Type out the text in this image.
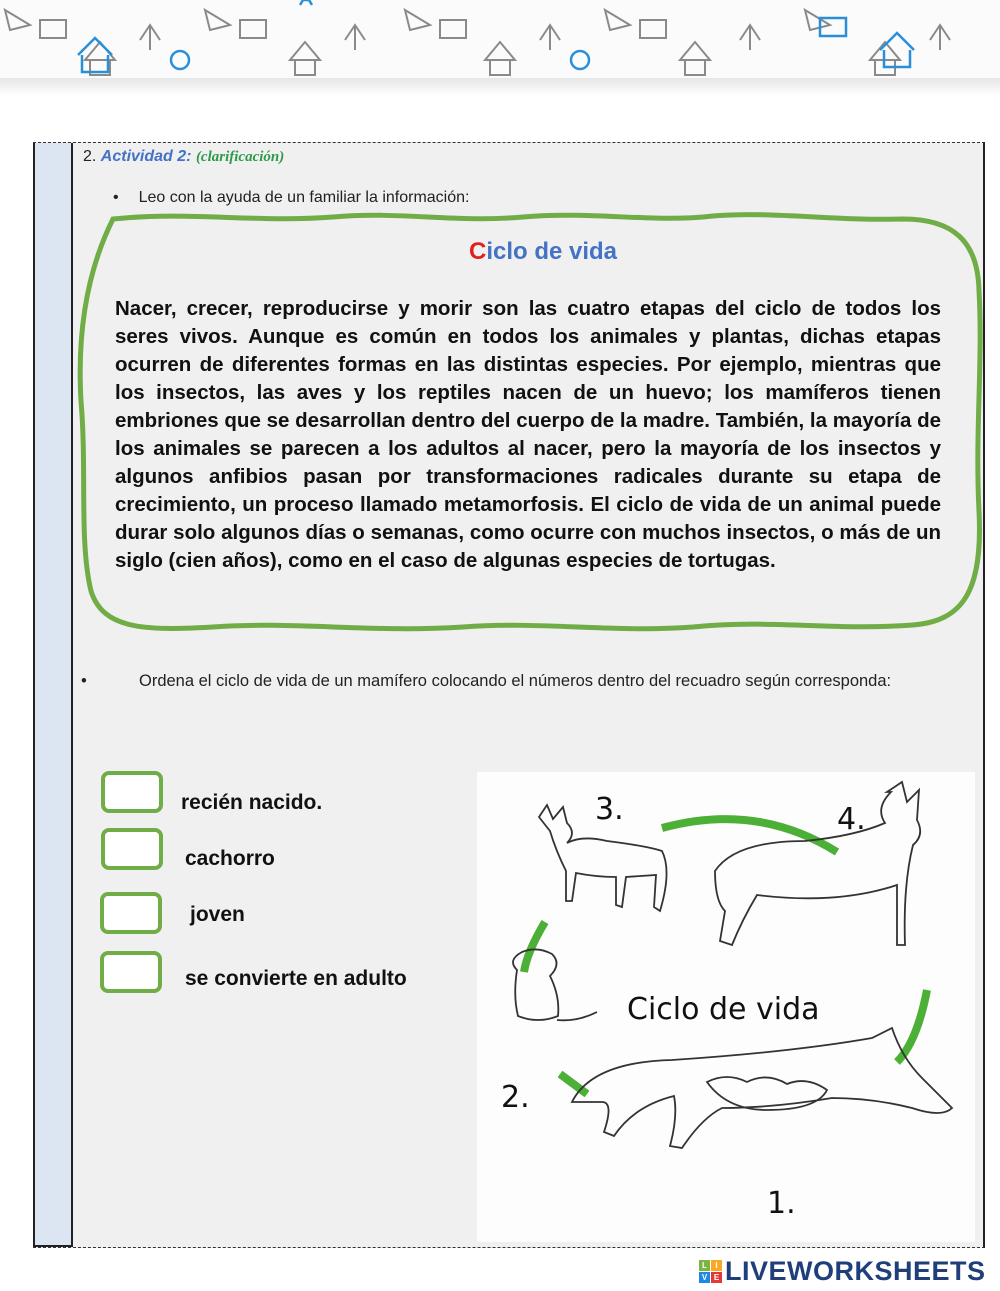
2. Actividad 2: (clarificación)
• Leo con la ayuda de un familiar la información:
Ciclo de vida
Nacer, crecer, reproducirse y morir son las cuatro etapas del ciclo de todos los seres vivos. Aunque es común en todos los animales y plantas, dichas etapas ocurren de diferentes formas en las distintas especies. Por ejemplo, mientras que los insectos, las aves y los reptiles nacen de un huevo; los mamíferos tienen embriones que se desarrollan dentro del cuerpo de la madre. También, la mayoría de los animales se parecen a los adultos al nacer, pero la mayoría de los insectos y algunos anfibios pasan por transformaciones radicales durante su etapa de crecimiento, un proceso llamado metamorfosis. El ciclo de vida de un animal puede durar solo algunos días o semanas, como ocurre con muchos insectos, o más de un siglo (cien años), como en el caso de algunas especies de tortugas.
•	Ordena el ciclo de vida de un mamífero colocando el números dentro del recuadro según corresponda:
recién nacido.
cachorro
joven
se convierte en adulto
3.	4.
2.
1.
Ciclo de vida
L	I
V E LIVEWORKSHEETS
